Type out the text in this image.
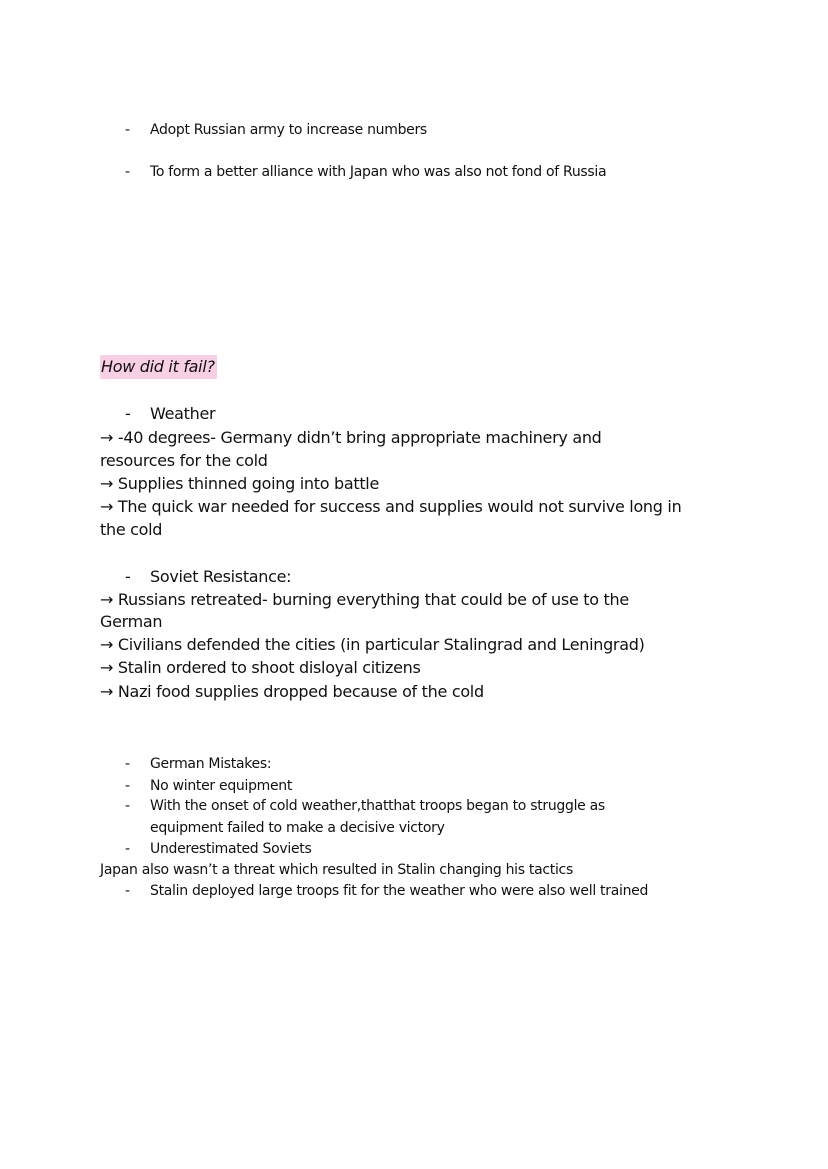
- Adopt Russian army to increase numbers
- To form a better alliance with Japan who was also not fond of Russia
How did it fail?
- Weather
→ -40 degrees- Germany didn’t bring appropriate machinery and
resources for the cold
→ Supplies thinned going into battle
→ The quick war needed for success and supplies would not survive long in
the cold
- Soviet Resistance:
→ Russians retreated- burning everything that could be of use to the
German
→ Civilians defended the cities (in particular Stalingrad and Leningrad)
→ Stalin ordered to shoot disloyal citizens
→ Nazi food supplies dropped because of the cold
- German Mistakes:
- No winter equipment
- With the onset of cold weather,thatthat troops began to struggle as
equipment failed to make a decisive victory
- Underestimated Soviets
Japan also wasn’t a threat which resulted in Stalin changing his tactics
- Stalin deployed large troops fit for the weather who were also well trained
